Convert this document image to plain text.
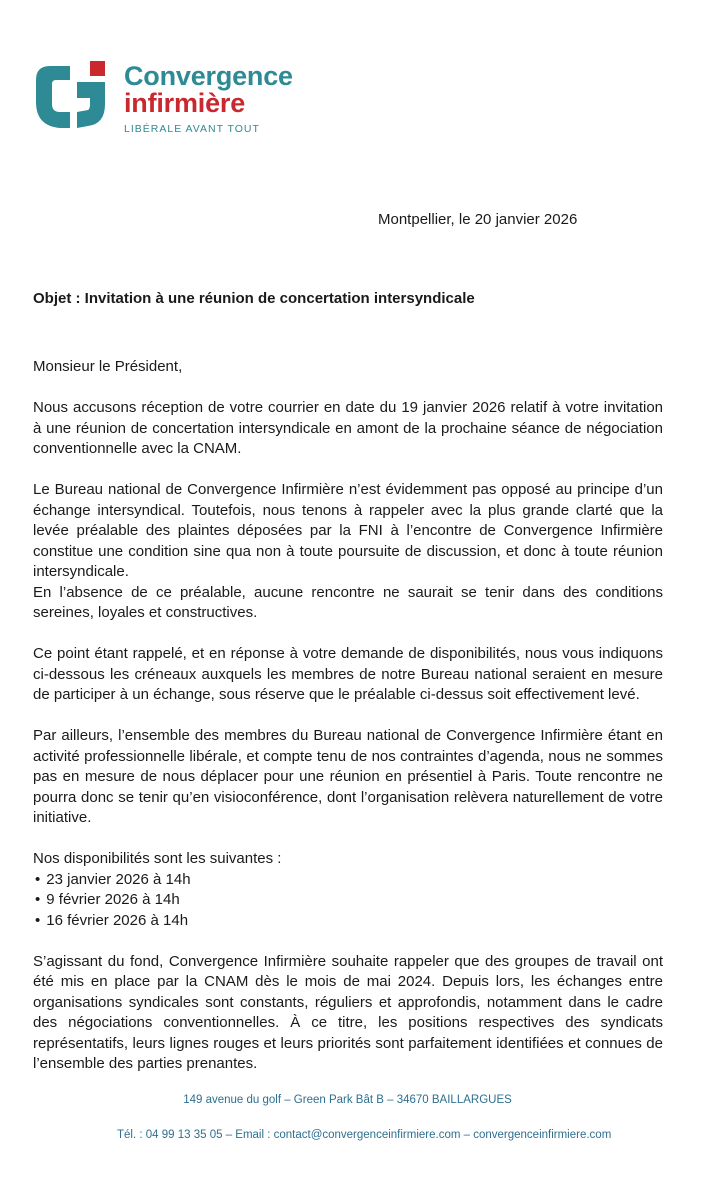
Convergence
infirmière
LIBÉRALE AVANT TOUT
Montpellier, le 20 janvier 2026
Objet : Invitation à une réunion de concertation intersyndicale

Monsieur le Président,

Nous accusons réception de votre courrier en date du 19 janvier 2026 relatif à votre invitation à une réunion de concertation intersyndicale en amont de la prochaine séance de négociation conventionnelle avec la CNAM.

Le Bureau national de Convergence Infirmière n’est évidemment pas opposé au principe d’un échange intersyndical. Toutefois, nous tenons à rappeler avec la plus grande clarté que la levée préalable des plaintes déposées par la FNI à l’encontre de Convergence Infirmière constitue une condition sine qua non à toute poursuite de discussion, et donc à toute réunion intersyndicale.

En l’absence de ce préalable, aucune rencontre ne saurait se tenir dans des conditions sereines, loyales et constructives.

Ce point étant rappelé, et en réponse à votre demande de disponibilités, nous vous indiquons ci-dessous les créneaux auxquels les membres de notre Bureau national seraient en mesure de participer à un échange, sous réserve que le préalable ci-dessus soit effectivement levé.

Par ailleurs, l’ensemble des membres du Bureau national de Convergence Infirmière étant en activité professionnelle libérale, et compte tenu de nos contraintes d’agenda, nous ne sommes pas en mesure de nous déplacer pour une réunion en présentiel à Paris. Toute rencontre ne pourra donc se tenir qu’en visioconférence, dont l’organisation relèvera naturellement de votre initiative.

Nos disponibilités sont les suivantes :

• 23 janvier 2026 à 14h
• 9 février 2026 à 14h
• 16 février 2026 à 14h

S’agissant du fond, Convergence Infirmière souhaite rappeler que des groupes de travail ont été mis en place par la CNAM dès le mois de mai 2024. Depuis lors, les échanges entre organisations syndicales sont constants, réguliers et approfondis, notamment dans le cadre des négociations conventionnelles. À ce titre, les positions respectives des syndicats représentatifs, leurs lignes rouges et leurs priorités sont parfaitement identifiées et connues de l’ensemble des parties prenantes.

149 avenue du golf – Green Park Bât B – 34670 BAILLARGUES
Tél. : 04 99 13 35 05 – Email : contact@convergenceinfirmiere.com – convergenceinfirmiere.com
